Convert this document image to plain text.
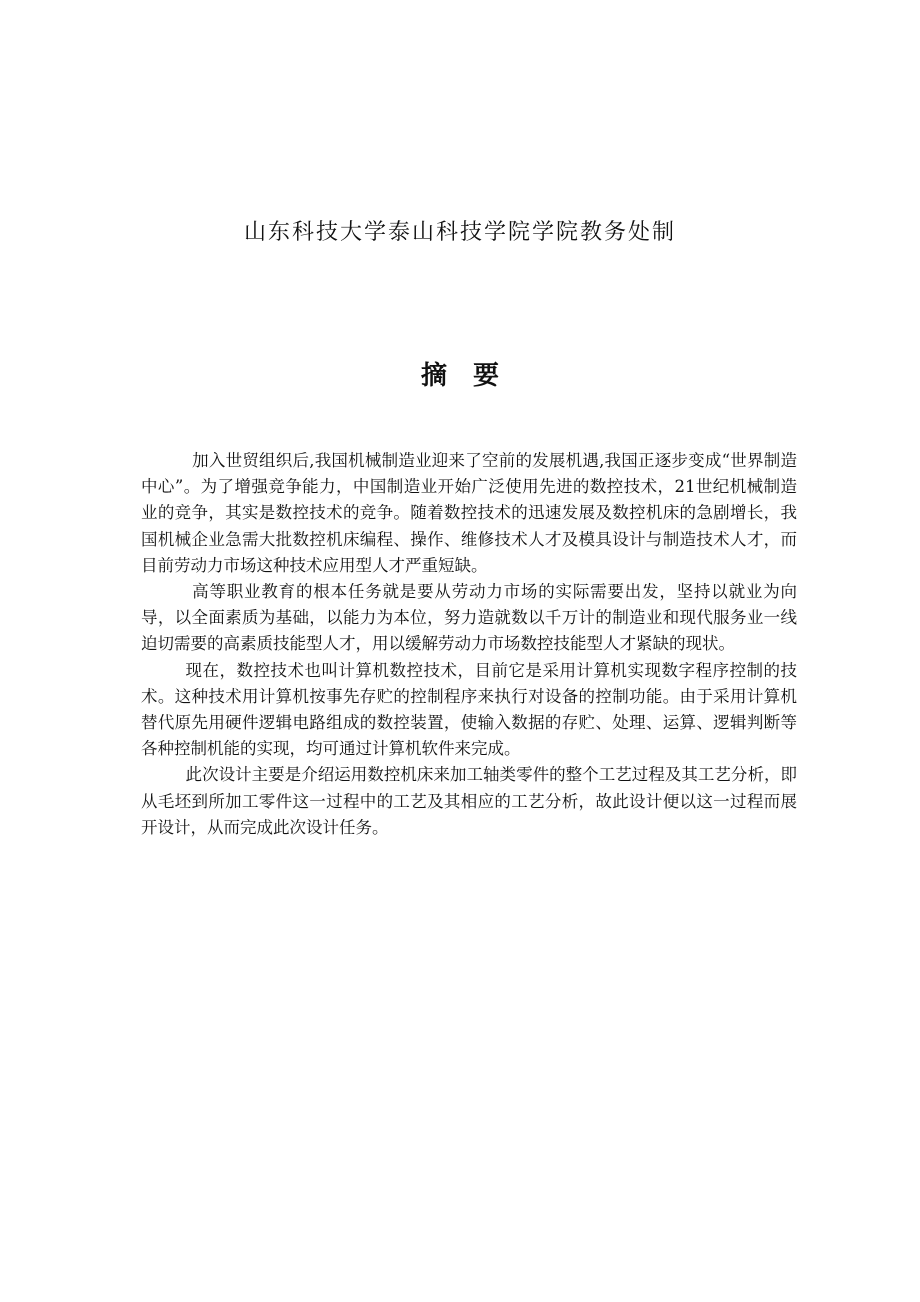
山东科技大学泰山科技学院学院教务处制
摘要

加入世贸组织后,我国机械制造业迎来了空前的发展机遇,我国正逐步变成“世界制造中心”。为了增强竞争能力，中国制造业开始广泛使用先进的数控技术，21世纪机械制造业的竞争，其实是数控技术的竞争。随着数控技术的迅速发展及数控机床的急剧增长，我国机械企业急需大批数控机床编程、操作、维修技术人才及模具设计与制造技术人才，而目前劳动力市场这种技术应用型人才严重短缺。

高等职业教育的根本任务就是要从劳动力市场的实际需要出发，坚持以就业为向导，以全面素质为基础，以能力为本位，努力造就数以千万计的制造业和现代服务业一线迫切需要的高素质技能型人才，用以缓解劳动力市场数控技能型人才紧缺的现状。

现在，数控技术也叫计算机数控技术，目前它是采用计算机实现数字程序控制的技术。这种技术用计算机按事先存贮的控制程序来执行对设备的控制功能。由于采用计算机替代原先用硬件逻辑电路组成的数控装置，使输入数据的存贮、处理、运算、逻辑判断等各种控制机能的实现，均可通过计算机软件来完成。

此次设计主要是介绍运用数控机床来加工轴类零件的整个工艺过程及其工艺分析，即从毛坯到所加工零件这一过程中的工艺及其相应的工艺分析，故此设计便以这一过程而展开设计，从而完成此次设计任务。
